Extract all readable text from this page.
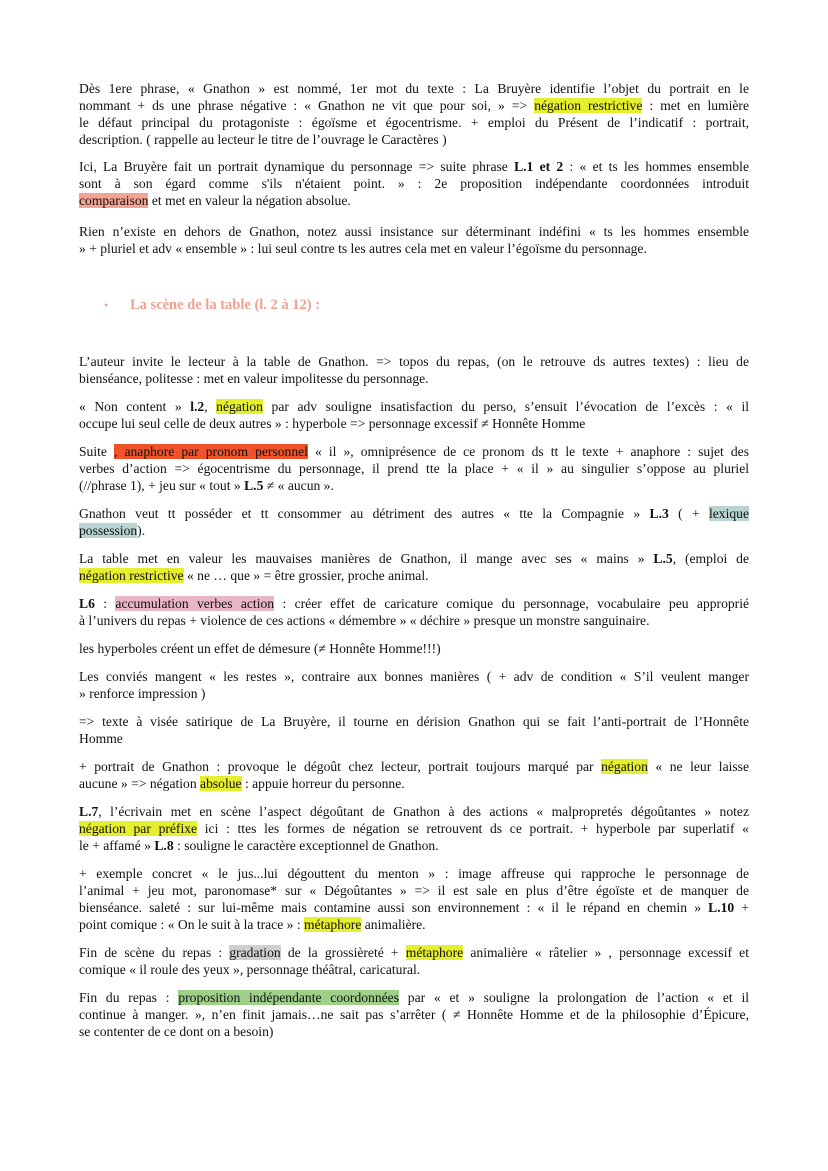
Dès 1ere phrase, « Gnathon » est nommé, 1er mot du texte : La Bruyère identifie l’objet du portrait en le
nommant + ds une phrase négative : « Gnathon ne vit que pour soi, » => négation restrictive : met en lumière
le défaut principal du protagoniste : égoïsme et égocentrisme. + emploi du Présent de l’indicatif : portrait,
description. ( rappelle au lecteur le titre de l’ouvrage le Caractères )
Ici, La Bruyère fait un portrait dynamique du personnage => suite phrase L.1 et 2 : « et ts les hommes ensemble
sont à son égard comme s'ils n'étaient point. » : 2e proposition indépendante coordonnées introduit
comparaison et met en valeur la négation absolue.
Rien n’existe en dehors de Gnathon, notez aussi insistance sur déterminant indéfini « ts les hommes ensemble
» + pluriel et adv « ensemble » : lui seul contre ts les autres cela met en valeur l’égoïsme du personnage.
• La scène de la table (l. 2 à 12) :
L’auteur invite le lecteur à la table de Gnathon. => topos du repas, (on le retrouve ds autres textes) : lieu de
bienséance, politesse : met en valeur impolitesse du personnage.
« Non content » l.2, négation par adv souligne insatisfaction du perso, s’ensuit l’évocation de l’excès : « il
occupe lui seul celle de deux autres » : hyperbole => personnage excessif ≠ Honnête Homme
Suite , anaphore par pronom personnel « il », omniprésence de ce pronom ds tt le texte + anaphore : sujet des
verbes d’action => égocentrisme du personnage, il prend tte la place + « il » au singulier s’oppose au pluriel
(//phrase 1), + jeu sur « tout » L.5 ≠ « aucun ».
Gnathon veut tt posséder et tt consommer au détriment des autres « tte la Compagnie » L.3 ( + lexique
possession).
La table met en valeur les mauvaises manières de Gnathon, il mange avec ses « mains » L.5, (emploi de
négation restrictive « ne … que » = être grossier, proche animal.
L6 : accumulation verbes action : créer effet de caricature comique du personnage, vocabulaire peu approprié
à l’univers du repas + violence de ces actions « démembre » « déchire » presque un monstre sanguinaire.
les hyperboles créent un effet de démesure (≠ Honnête Homme!!!)
Les conviés mangent « les restes », contraire aux bonnes manières ( + adv de condition « S’il veulent manger
» renforce impression )
=> texte à visée satirique de La Bruyère, il tourne en dérision Gnathon qui se fait l’anti-portrait de l’Honnête
Homme
+ portrait de Gnathon : provoque le dégoût chez lecteur, portrait toujours marqué par négation « ne leur laisse
aucune » => négation absolue : appuie horreur du personne.
L.7, l’écrivain met en scène l’aspect dégoûtant de Gnathon à des actions « malpropretés dégoûtantes » notez
négation par préfixe ici : ttes les formes de négation se retrouvent ds ce portrait. + hyperbole par superlatif «
le + affamé » L.8 : souligne le caractère exceptionnel de Gnathon.
+ exemple concret « le jus...lui dégouttent du menton » : image affreuse qui rapproche le personnage de
l’animal + jeu mot, paronomase* sur « Dégoûtantes » => il est sale en plus d’être égoïste et de manquer de
bienséance. saleté : sur lui-même mais contamine aussi son environnement : « il le répand en chemin » L.10 +
point comique : « On le suit à la trace » : métaphore animalière.
Fin de scène du repas : gradation de la grossièreté + métaphore animalière « râtelier » , personnage excessif et
comique « il roule des yeux », personnage théâtral, caricatural.
Fin du repas : proposition indépendante coordonnées par « et » souligne la prolongation de l’action « et il
continue à manger. », n’en finit jamais…ne sait pas s’arrêter ( ≠ Honnête Homme et de la philosophie d’Épicure,
se contenter de ce dont on a besoin)
